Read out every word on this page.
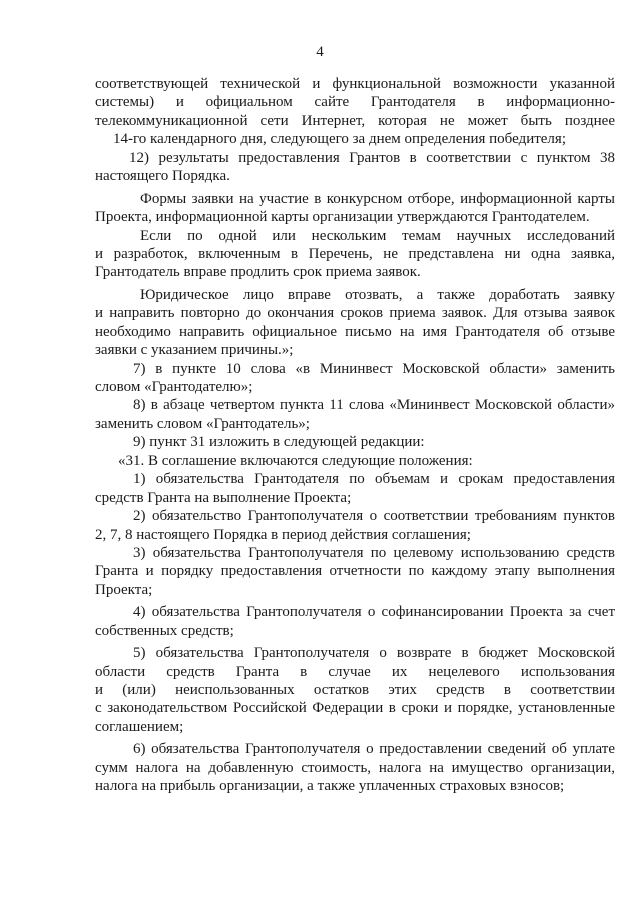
4
соответствующей технической и функциональной возможности указанной
системы) и официальном сайте Грантодателя в информационно-
телекоммуникационной сети Интернет, которая не может быть позднее
14-го календарного дня, следующего за днем определения победителя;
12) результаты предоставления Грантов в соответствии с пунктом 38
настоящего Порядка.
Формы заявки на участие в конкурсном отборе, информационной карты
Проекта, информационной карты организации утверждаются Грантодателем.
Если по одной или нескольким темам научных исследований
и разработок, включенным в Перечень, не представлена ни одна заявка,
Грантодатель вправе продлить срок приема заявок.
Юридическое лицо вправе отозвать, а также доработать заявку
и направить повторно до окончания сроков приема заявок. Для отзыва заявок
необходимо направить официальное письмо на имя Грантодателя об отзыве
заявки с указанием причины.»;
7) в пункте 10 слова «в Мининвест Московской области» заменить
словом «Грантодателю»;
8) в абзаце четвертом пункта 11 слова «Мининвест Московской области»
заменить словом «Грантодатель»;
9) пункт 31 изложить в следующей редакции:
«31. В соглашение включаются следующие положения:
1) обязательства Грантодателя по объемам и срокам предоставления
средств Гранта на выполнение Проекта;
2) обязательство Грантополучателя о соответствии требованиям пунктов
2, 7, 8 настоящего Порядка в период действия соглашения;
3) обязательства Грантополучателя по целевому использованию средств
Гранта и порядку предоставления отчетности по каждому этапу выполнения
Проекта;
4) обязательства Грантополучателя о софинансировании Проекта за счет
собственных средств;
5) обязательства Грантополучателя о возврате в бюджет Московской
области средств Гранта в случае их нецелевого использования
и (или) неиспользованных остатков этих средств в соответствии
с законодательством Российской Федерации в сроки и порядке, установленные
соглашением;
6) обязательства Грантополучателя о предоставлении сведений об уплате
сумм налога на добавленную стоимость, налога на имущество организации,
налога на прибыль организации, а также уплаченных страховых взносов;
